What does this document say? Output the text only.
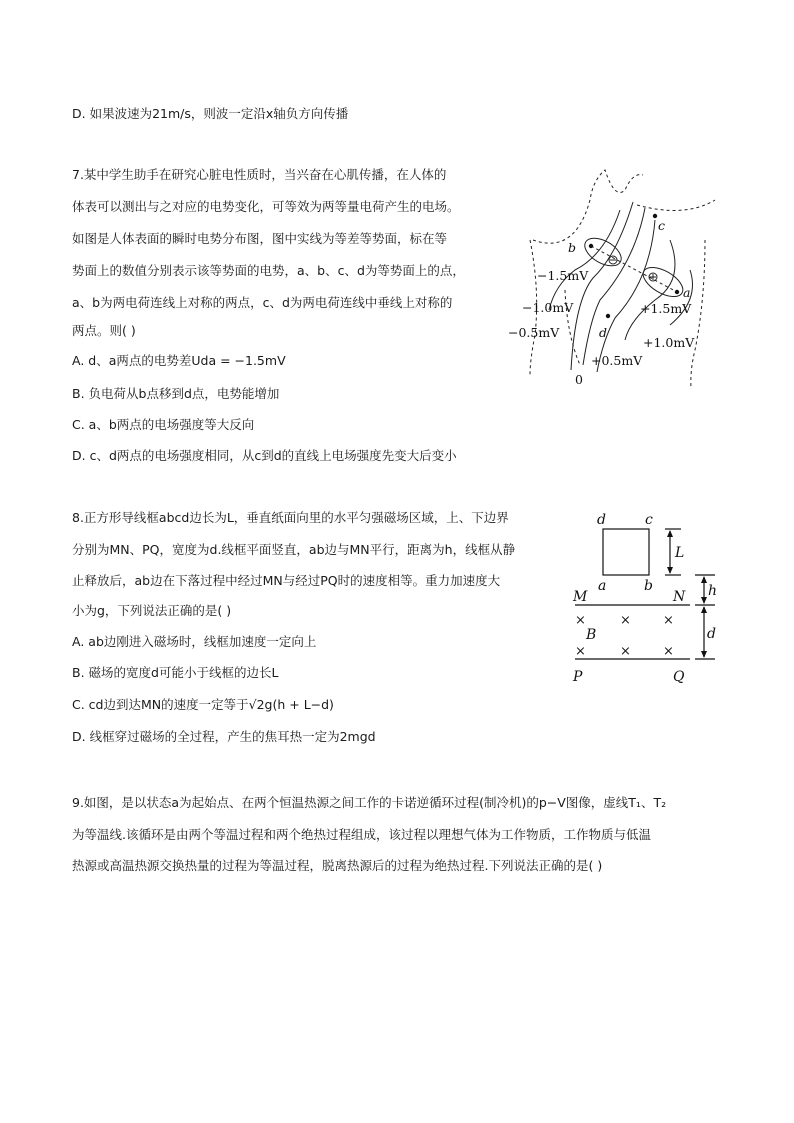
D. 如果波速为21m/s，则波一定沿x轴负方向传播
7.某中学生助手在研究心脏电性质时，当兴奋在心肌传播，在人体的
体表可以测出与之对应的电势变化，可等效为两等量电荷产生的电场。
如图是人体表面的瞬时电势分布图，图中实线为等差等势面，标在等
势面上的数值分别表示该等势面的电势，a、b、c、d为等势面上的点，
a、b为两电荷连线上对称的两点，c、d为两电荷连线中垂线上对称的
两点。则( )
A. d、a两点的电势差Uda = −1.5mV
B. 负电荷从b点移到d点，电势能增加
C. a、b两点的电场强度等大反向
D. c、d两点的电场强度相同，从c到d的直线上电场强度先变大后变小
c
b
a
d
−1.5mV
−1.0mV
−0.5mV
+1.5mV
+1.0mV
+0.5mV
0
8.正方形导线框abcd边长为L，垂直纸面向里的水平匀强磁场区域，上、下边界
分别为MN、PQ，宽度为d.线框平面竖直，ab边与MN平行，距离为h，线框从静
止释放后，ab边在下落过程中经过MN与经过PQ时的速度相等。重力加速度大
小为g，下列说法正确的是( )
A. ab边刚进入磁场时，线框加速度一定向上
B. 磁场的宽度d可能小于线框的边长L
C. cd边到达MN的速度一定等于√2g(h + L−d)
D. 线框穿过磁场的全过程，产生的焦耳热一定为2mgd
d	c
a	b
L
h
d
M	N
B
P	Q
×	× ×
×	× ×
9.如图，是以状态a为起始点、在两个恒温热源之间工作的卡诺逆循环过程(制冷机)的p−V图像，虚线T₁、T₂
为等温线.该循环是由两个等温过程和两个绝热过程组成，该过程以理想气体为工作物质，工作物质与低温
热源或高温热源交换热量的过程为等温过程，脱离热源后的过程为绝热过程.下列说法正确的是( )
